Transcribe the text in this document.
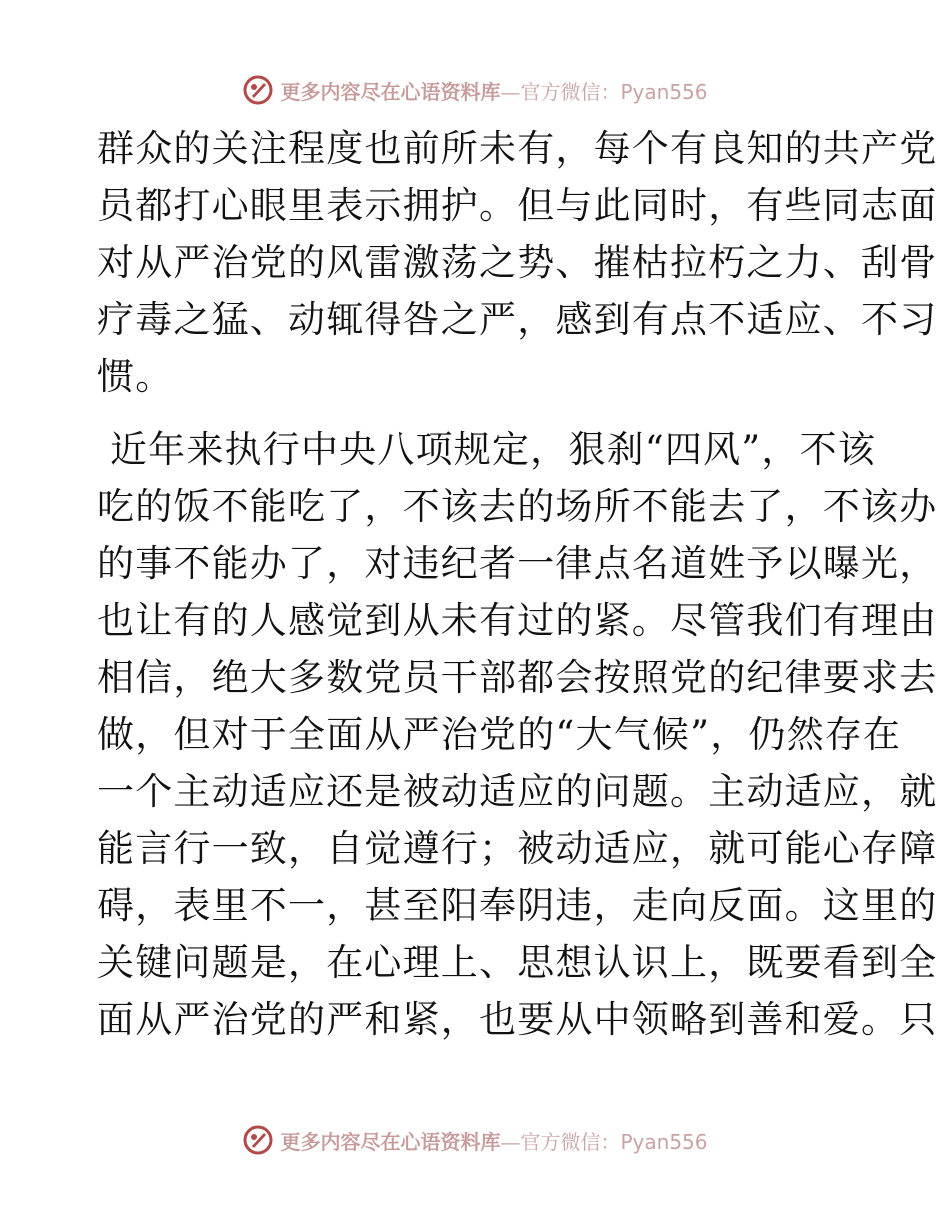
更多内容尽在心语资料库—官方微信：Pyan556
群众的关注程度也前所未有，每个有良知的共产党
员都打心眼里表示拥护。但与此同时，有些同志面
对从严治党的风雷激荡之势、摧枯拉朽之力、刮骨
疗毒之猛、动辄得咎之严，感到有点不适应、不习
惯。
近年来执行中央八项规定，狠刹“四风”，不该
吃的饭不能吃了，不该去的场所不能去了，不该办
的事不能办了，对违纪者一律点名道姓予以曝光，
也让有的人感觉到从未有过的紧。尽管我们有理由
相信，绝大多数党员干部都会按照党的纪律要求去
做，但对于全面从严治党的“大气候”，仍然存在
一个主动适应还是被动适应的问题。主动适应，就
能言行一致，自觉遵行；被动适应，就可能心存障
碍，表里不一，甚至阳奉阴违，走向反面。这里的
关键问题是，在心理上、思想认识上，既要看到全
面从严治党的严和紧，也要从中领略到善和爱。只
更多内容尽在心语资料库—官方微信：Pyan556
